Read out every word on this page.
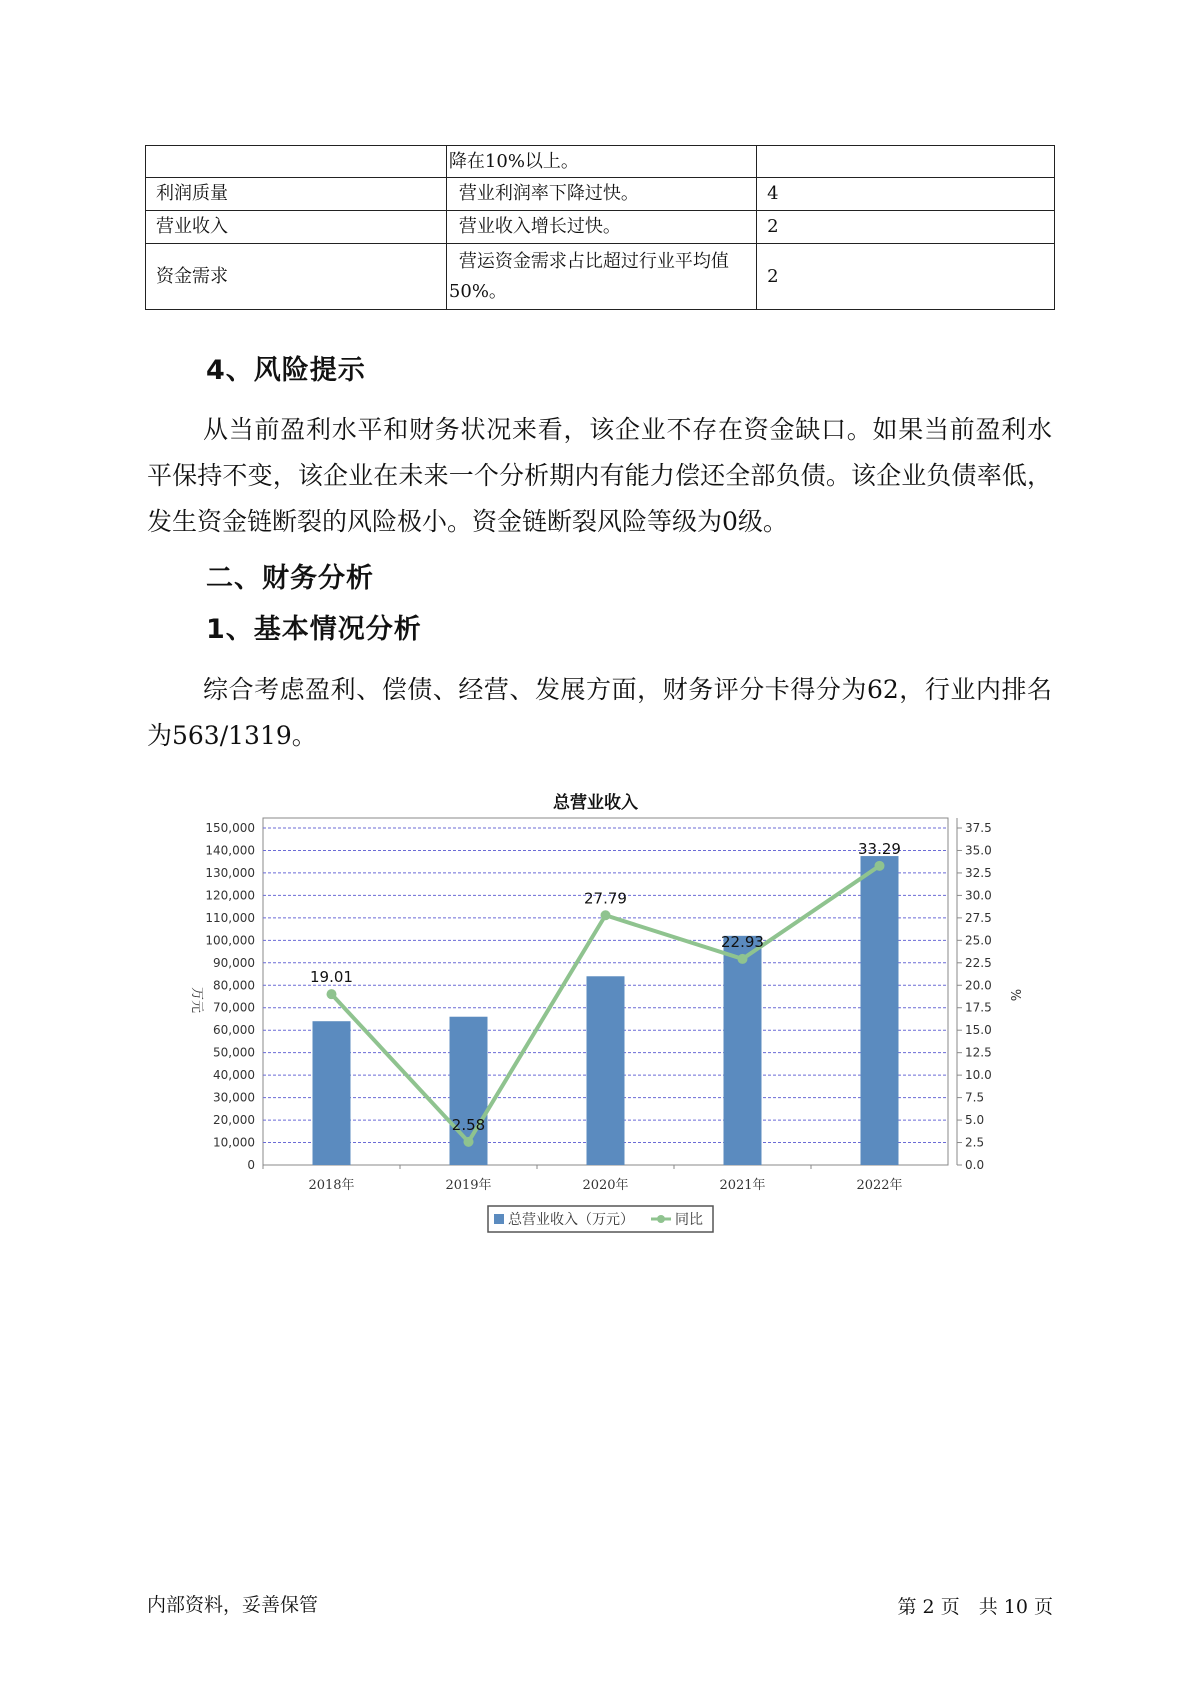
	降在10%以上。	
利润质量	营业利润率下降过快。	4
营业收入	营业收入增长过快。	2
资金需求	营运资金需求占比超过行业平均值50%。	2
4、风险提示

从当前盈利水平和财务状况来看，该企业不存在资金缺口。如果当前盈利水平保持不变，该企业在未来一个分析期内有能力偿还全部负债。该企业负债率低，发生资金链断裂的风险极小。资金链断裂风险等级为0级。

二、财务分析
1、基本情况分析

综合考虑盈利、偿债、经营、发展方面，财务评分卡得分为62，行业内排名为563/1319。

总营业收入
0
10,000
20,000
30,000
40,000
50,000
60,000
70,000
80,000
90,000
100,000
110,000
120,000
130,000
140,000
150,000
0.0
2.5
5.0
7.5
10.0
12.5
15.0
17.5
20.0
22.5
25.0
27.5
30.0
32.5
35.0
37.5
万元	%
2018年	2019年	2020年	2021年	2022年
19.01
2.58
27.79
22.93
33.29
总营业收入（万元）	同比
内部资料，妥善保管	第 2 页　共 10 页
